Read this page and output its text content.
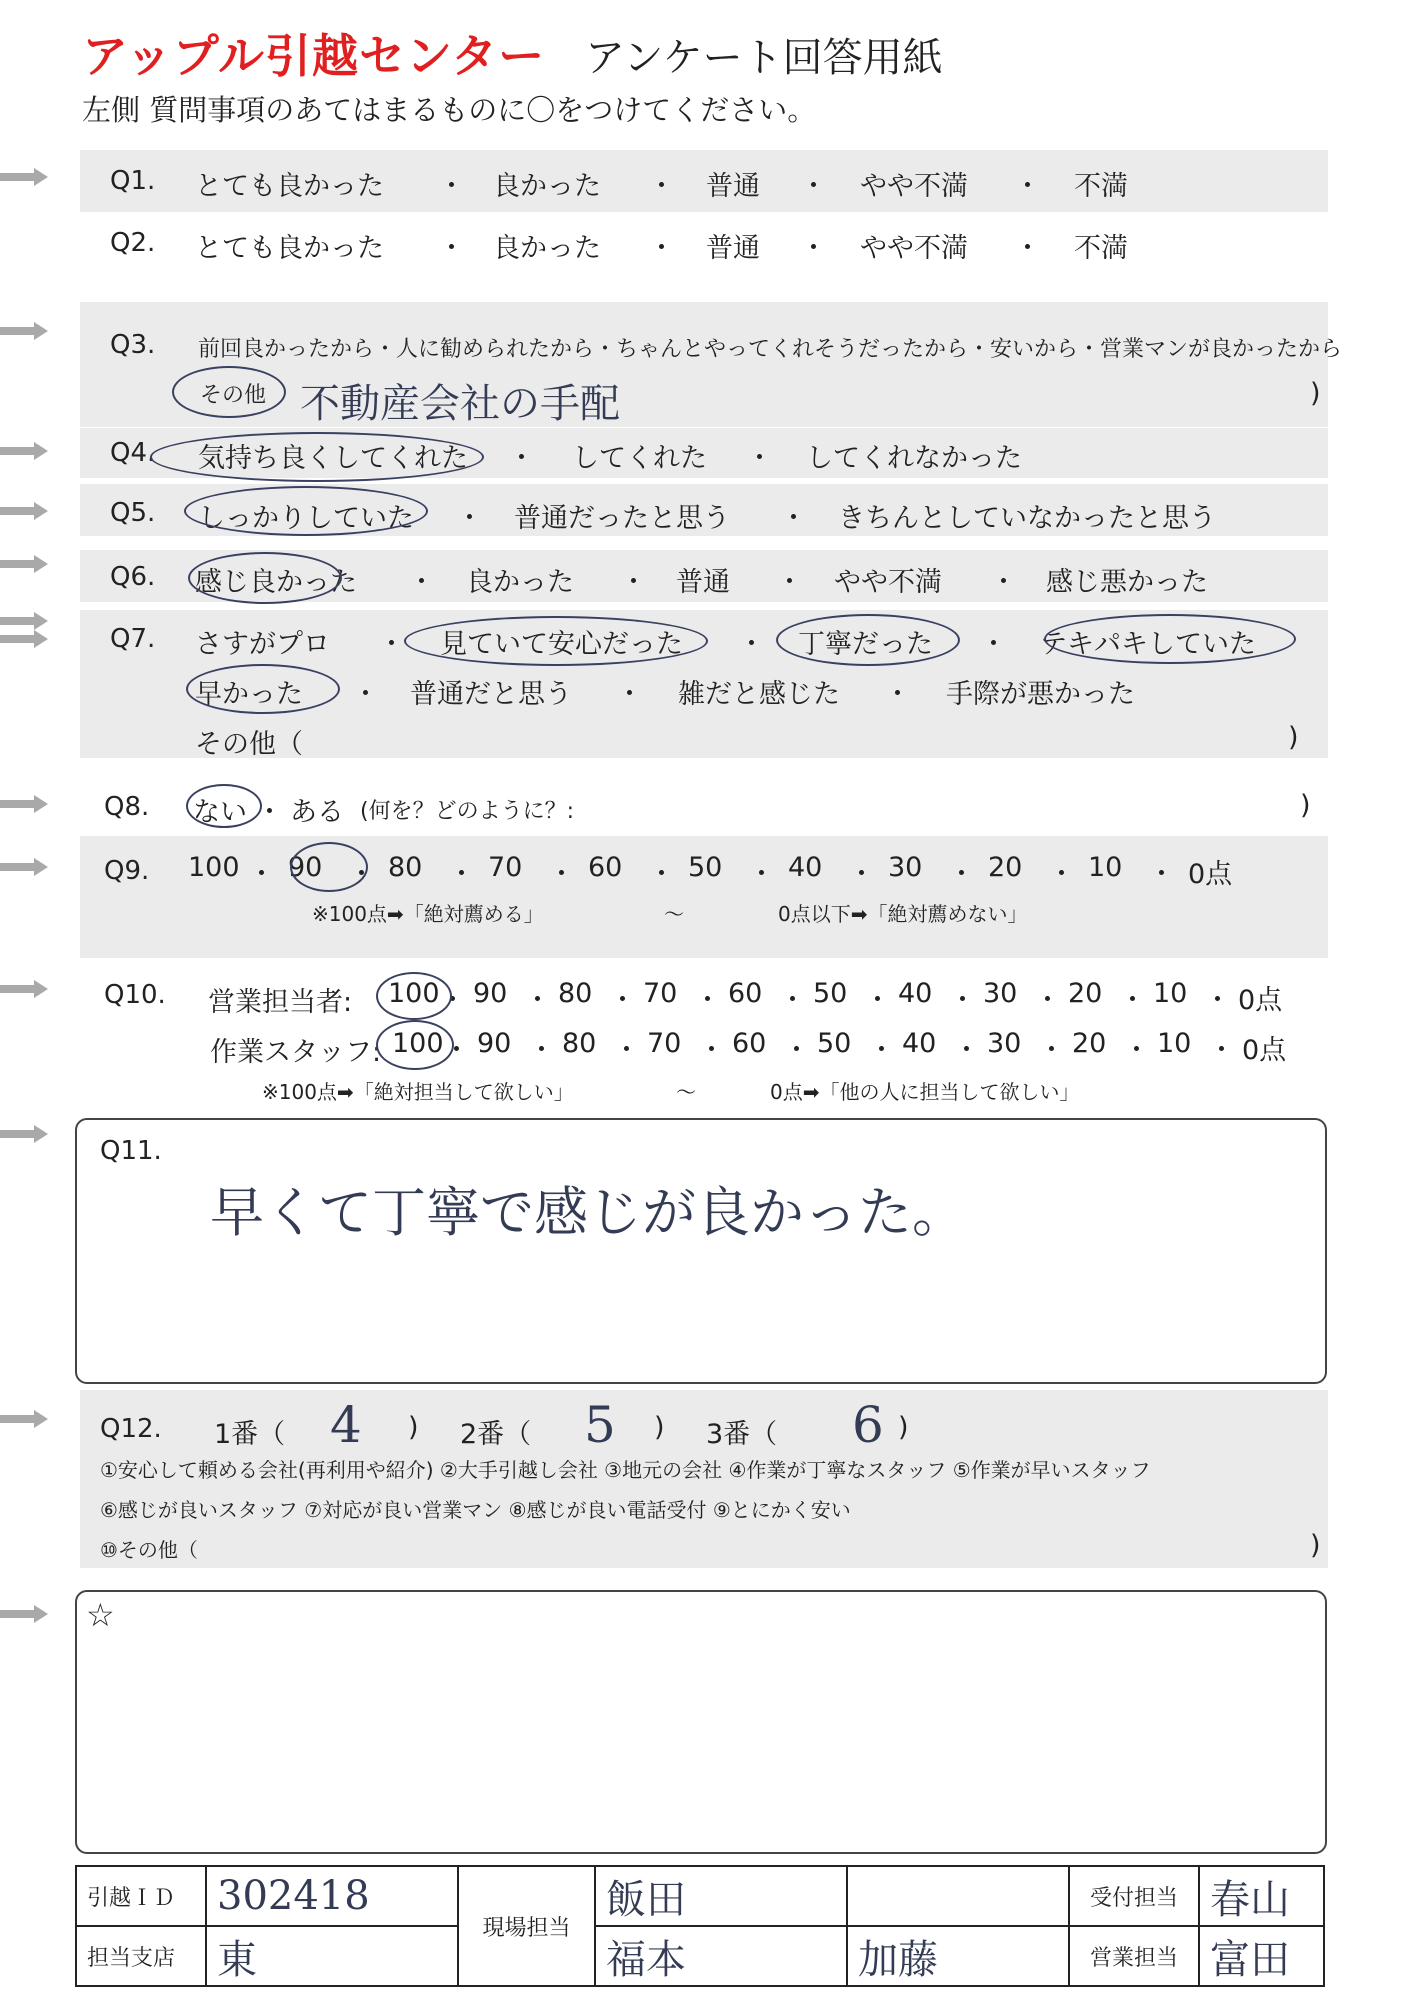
アップル引越センター アンケート回答用紙
左側 質問事項のあてはまるものに〇をつけてください。
Q1. とても良かった ・ 良かった ・ 普通 ・ やや不満 ・ 不満
Q2. とても良かった ・ 良かった ・ 普通 ・ やや不満 ・ 不満
Q3. 前回良かったから・人に勧められたから・ちゃんとやってくれそうだったから・安いから・営業マンが良かったから
その他 不動産会社の手配	)
Q4. 気持ち良くしてくれた ・ してくれた ・ してくれなかった
Q5. しっかりしていた ・ 普通だったと思う ・ きちんとしていなかったと思う
Q6. 感じ良かった ・ 良かった ・ 普通 ・ やや不満 ・ 感じ悪かった
Q7. さすがプロ ・ 見ていて安心だった ・ 丁寧だった ・ テキパキしていた
早かった ・ 普通だと思う ・ 雑だと感じた ・ 手際が悪かった
その他（	)
Q8. ない ・ ある (何を？どのように？:	)
Q9. 100 ・ 90 ・ 80 ・ 70 ・ 60 ・ 50 ・ 40 ・ 30 ・ 20 ・ 10 ・ 0点
※100点➡「絶対薦める」	～	0点以下➡「絶対薦めない」
Q10. 営業担当者: 100 ・ 90 ・ 80 ・ 70 ・ 60 ・ 50 ・ 40 ・ 30 ・ 20 ・ 10 ・ 0点
作業スタッフ: 100 ・ 90 ・ 80 ・ 70 ・ 60 ・ 50 ・ 40 ・ 30 ・ 20 ・ 10 ・ 0点
※100点➡「絶対担当して欲しい」	～	0点➡「他の人に担当して欲しい」
Q11.
早くて丁寧で感じが良かった。
Q12. 1番（ 4 ) 2番（ 5 ) 3番（ 6 )
①安心して頼める会社(再利用や紹介) ②大手引越し会社 ③地元の会社 ④作業が丁寧なスタッフ ⑤作業が早いスタッフ
⑥感じが良いスタッフ ⑦対応が良い営業マン ⑧感じが良い電話受付 ⑨とにかく安い
⑩その他（	)
☆
引越ＩＤ	302418	現場担当	飯田		受付担当	春山
担当支店	東		福本	加藤	営業担当	富田
